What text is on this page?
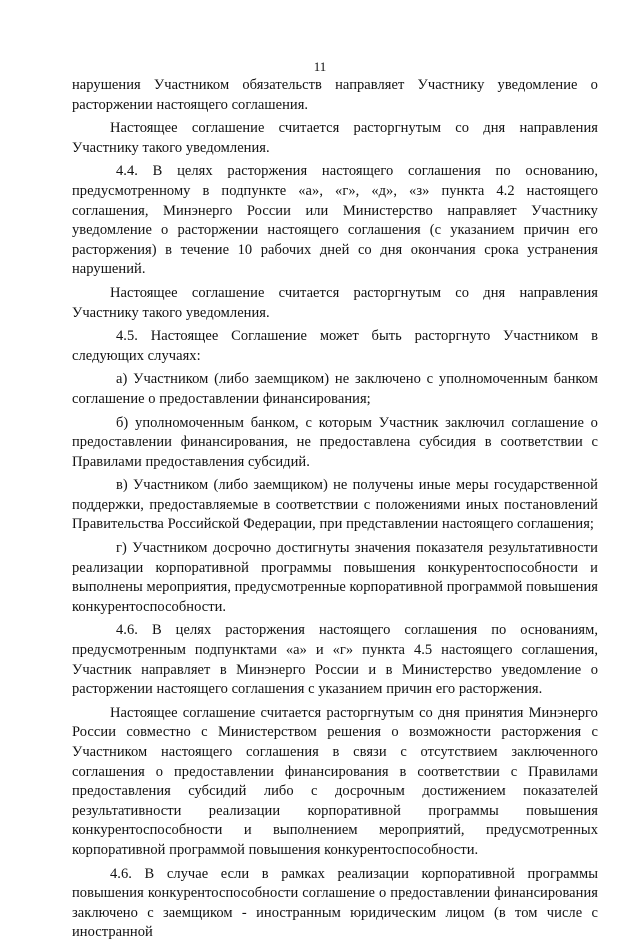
11

нарушения Участником обязательств направляет Участнику уведомление о расторжении настоящего соглашения.

Настоящее соглашение считается расторгнутым со дня направления Участнику такого уведомления.

4.4. В целях расторжения настоящего соглашения по основанию, предусмотренному в подпункте «а», «г», «д», «з» пункта 4.2 настоящего соглашения, Минэнерго России или Министерство направляет Участнику уведомление о расторжении настоящего соглашения (с указанием причин его расторжения) в течение 10 рабочих дней со дня окончания срока устранения нарушений.

Настоящее соглашение считается расторгнутым со дня направления Участнику такого уведомления.

4.5. Настоящее Соглашение может быть расторгнуто Участником в следующих случаях:

а) Участником (либо заемщиком) не заключено с уполномоченным банком соглашение о предоставлении финансирования;

б) уполномоченным банком, с которым Участник заключил соглашение о предоставлении финансирования, не предоставлена субсидия в соответствии с Правилами предоставления субсидий.

в) Участником (либо заемщиком) не получены иные меры государственной поддержки, предоставляемые в соответствии с положениями иных постановлений Правительства Российской Федерации, при представлении настоящего соглашения;

г) Участником досрочно достигнуты значения показателя результативности реализации корпоративной программы повышения конкурентоспособности и выполнены мероприятия, предусмотренные корпоративной программой повышения конкурентоспособности.

4.6. В целях расторжения настоящего соглашения по основаниям, предусмотренным подпунктами «а» и «г» пункта 4.5 настоящего соглашения, Участник направляет в Минэнерго России и в Министерство уведомление о расторжении настоящего соглашения с указанием причин его расторжения.

Настоящее соглашение считается расторгнутым со дня принятия Минэнерго России совместно с Министерством решения о возможности расторжения с Участником настоящего соглашения в связи с отсутствием заключенного соглашения о предоставлении финансирования в соответствии с Правилами предоставления субсидий либо с досрочным достижением показателей результативности реализации корпоративной программы повышения конкурентоспособности и выполнением мероприятий, предусмотренных корпоративной программой повышения конкурентоспособности.

4.6. В случае если в рамках реализации корпоративной программы повышения конкурентоспособности соглашение о предоставлении финансирования заключено с заемщиком - иностранным юридическим лицом (в том числе с иностранной
